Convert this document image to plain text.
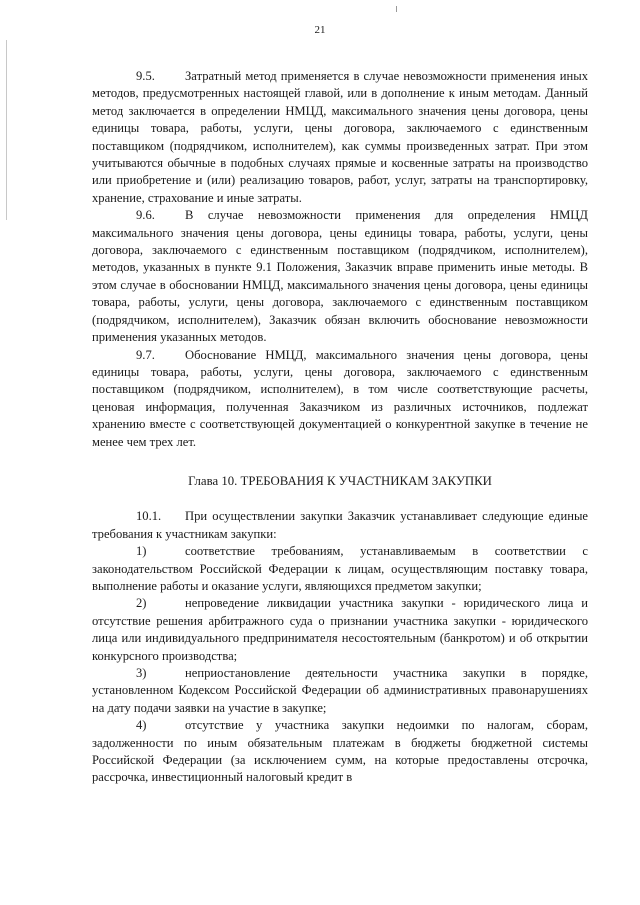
21

9.5. Затратный метод применяется в случае невозможности применения иных методов, предусмотренных настоящей главой, или в дополнение к иным методам. Данный метод заключается в определении НМЦД, максимального значения цены договора, цены единицы товара, работы, услуги, цены договора, заключаемого с единственным поставщиком (подрядчиком, исполнителем), как суммы произведенных затрат. При этом учитываются обычные в подобных случаях прямые и косвенные затраты на производство или приобретение и (или) реализацию товаров, работ, услуг, затраты на транспортировку, хранение, страхование и иные затраты.

9.6. В случае невозможности применения для определения НМЦД максимального значения цены договора, цены единицы товара, работы, услуги, цены договора, заключаемого с единственным поставщиком (подрядчиком, исполнителем), методов, указанных в пункте 9.1 Положения, Заказчик вправе применить иные методы. В этом случае в обосновании НМЦД, максимального значения цены договора, цены единицы товара, работы, услуги, цены договора, заключаемого с единственным поставщиком (подрядчиком, исполнителем), Заказчик обязан включить обоснование невозможности применения указанных методов.

9.7. Обоснование НМЦД, максимального значения цены договора, цены единицы товара, работы, услуги, цены договора, заключаемого с единственным поставщиком (подрядчиком, исполнителем), в том числе соответствующие расчеты, ценовая информация, полученная Заказчиком из различных источников, подлежат хранению вместе с соответствующей документацией о конкурентной закупке в течение не менее чем трех лет.

Глава 10. ТРЕБОВАНИЯ К УЧАСТНИКАМ ЗАКУПКИ

10.1. При осуществлении закупки Заказчик устанавливает следующие единые требования к участникам закупки:

1)	соответствие требованиям, устанавливаемым в соответствии с законодательством Российской Федерации к лицам, осуществляющим поставку товара, выполнение работы и оказание услуги, являющихся предметом закупки;

2)	непроведение ликвидации участника закупки - юридического лица и отсутствие решения арбитражного суда о признании участника закупки - юридического лица или индивидуального предпринимателя несостоятельным (банкротом) и об открытии конкурсного производства;

3)	неприостановление деятельности участника закупки в порядке, установленном Кодексом Российской Федерации об административных правонарушениях на дату подачи заявки на участие в закупке;

4)	отсутствие у участника закупки недоимки по налогам, сборам, задолженности по иным обязательным платежам в бюджеты бюджетной системы Российской Федерации (за исключением сумм, на которые предоставлены отсрочка, рассрочка, инвестиционный налоговый кредит в
